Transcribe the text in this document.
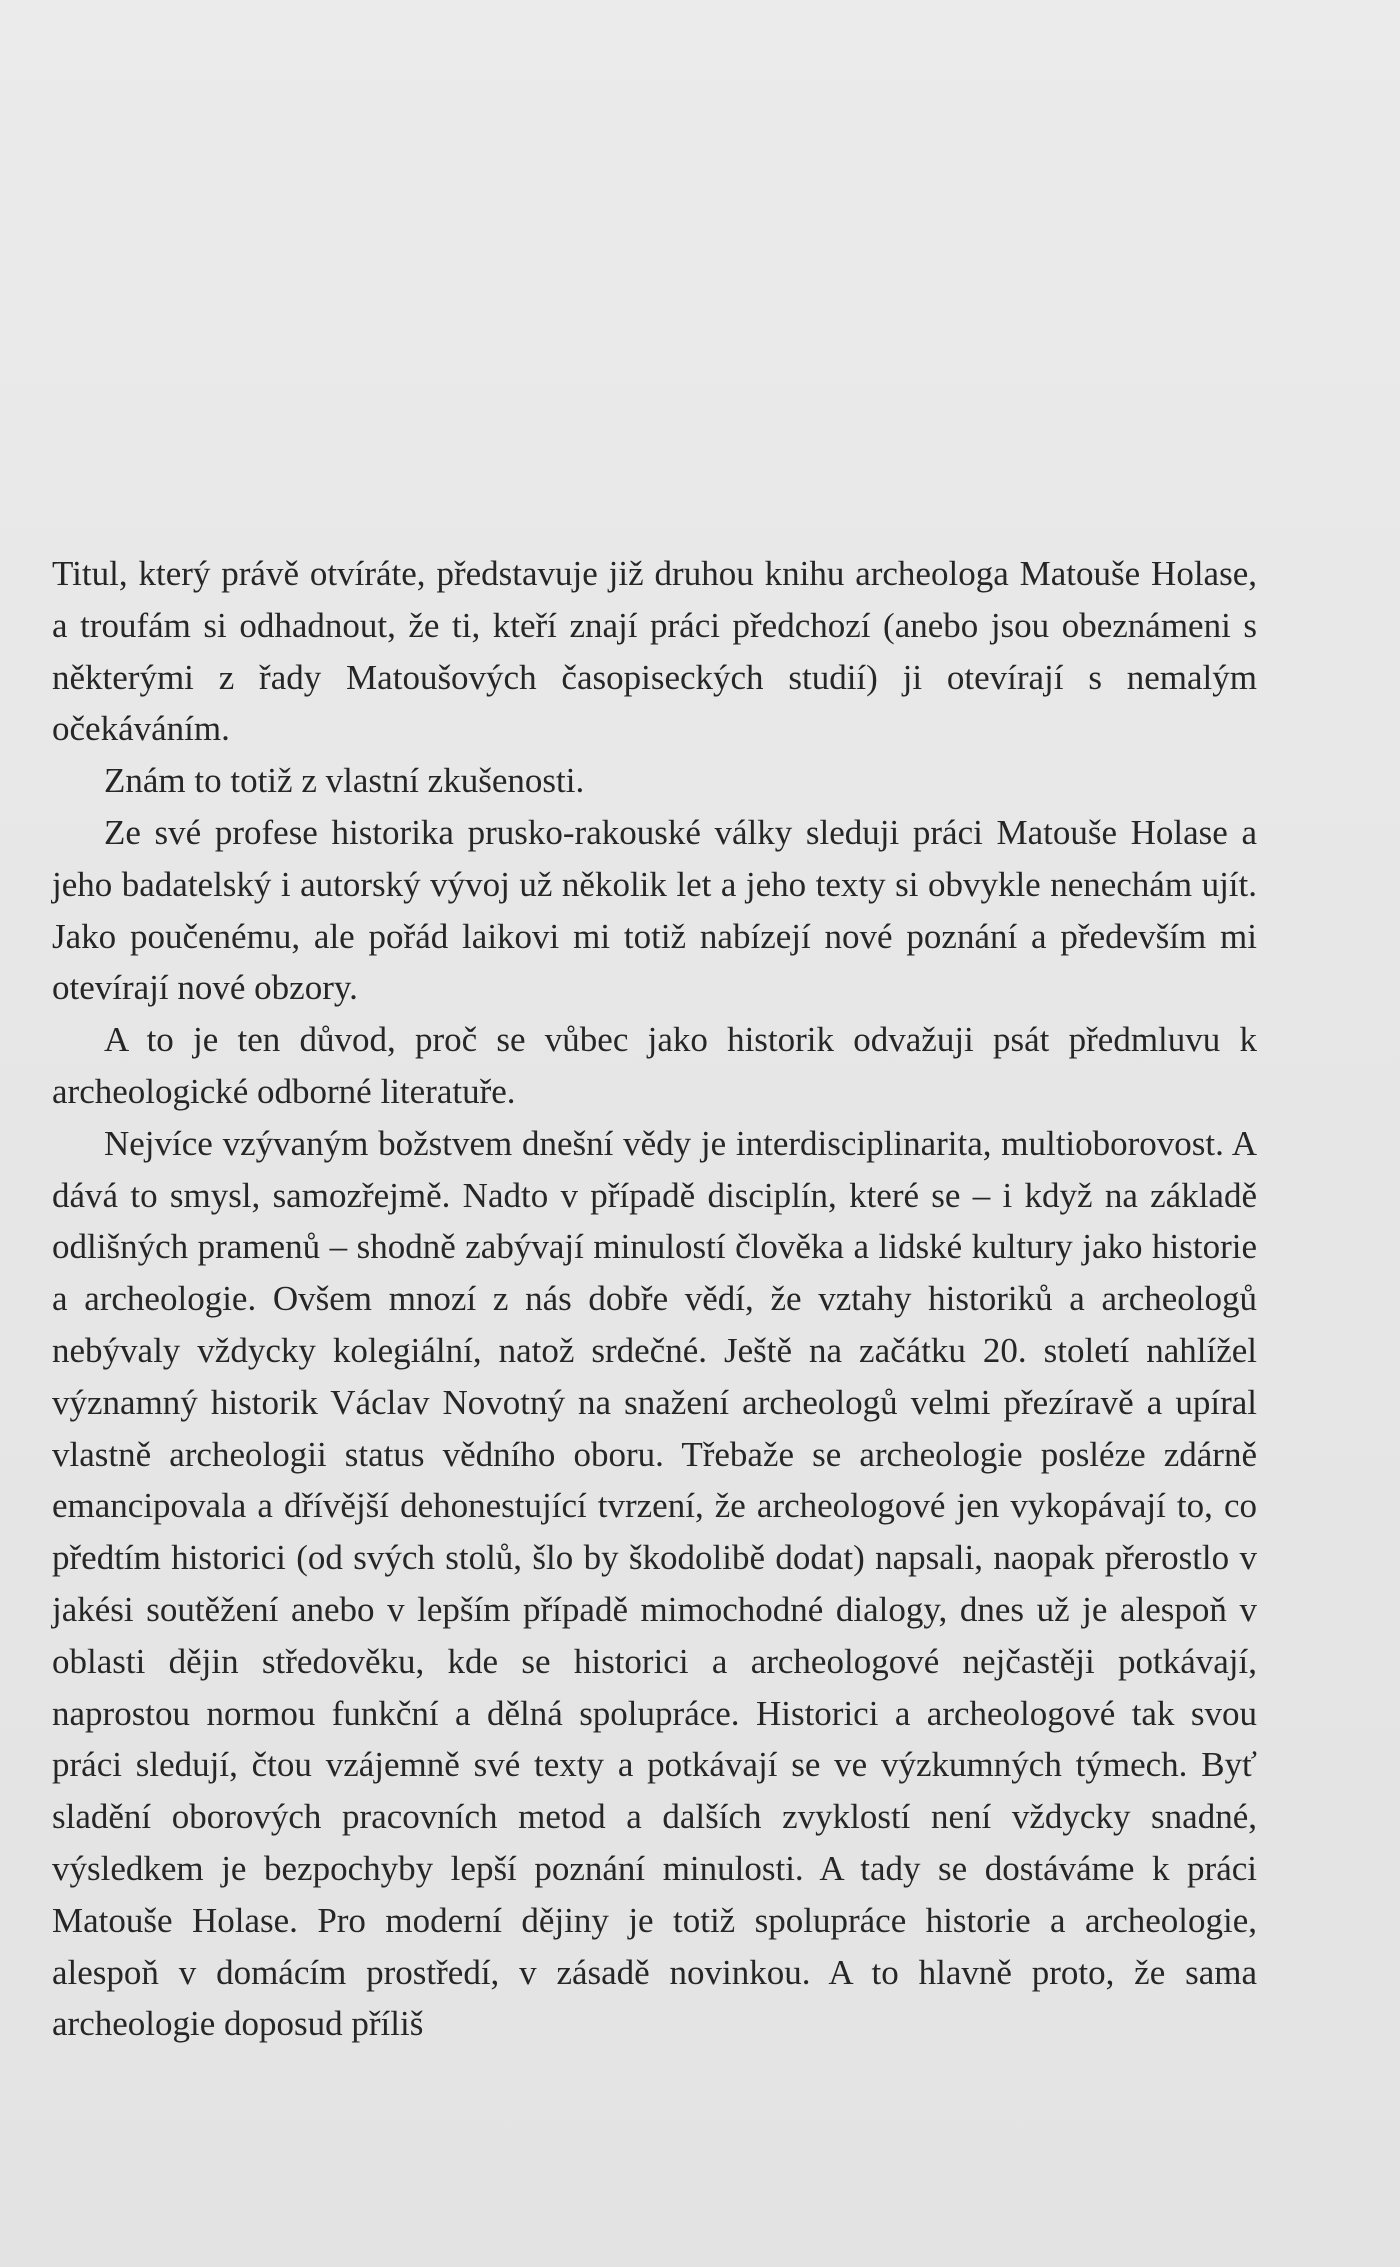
Titul, který právě otvíráte, představuje již druhou knihu archeologa Matouše Holase, a troufám si odhadnout, že ti, kteří znají práci předchozí (anebo jsou obeznámeni s některými z řady Matoušových časopiseckých studií) ji otevírají s nemalým očekáváním.

Znám to totiž z vlastní zkušenosti.

Ze své profese historika prusko-rakouské války sleduji práci Matouše Holase a jeho badatelský i autorský vývoj už několik let a jeho texty si obvykle nenechám ujít. Jako poučenému, ale pořád laikovi mi totiž nabízejí nové poznání a především mi otevírají nové obzory.

A to je ten důvod, proč se vůbec jako historik odvažuji psát předmluvu k archeologické odborné literatuře.

Nejvíce vzývaným božstvem dnešní vědy je interdisciplinarita, multioborovost. A dává to smysl, samozřejmě. Nadto v případě disciplín, které se – i když na základě odlišných pramenů – shodně zabývají minulostí člověka a lidské kultury jako historie a archeologie. Ovšem mnozí z nás dobře vědí, že vztahy historiků a archeologů nebývaly vždycky kolegiální, natož srdečné. Ještě na začátku 20. století nahlížel významný historik Václav Novotný na snažení archeologů velmi přezíravě a upíral vlastně archeologii status vědního oboru. Třebaže se archeologie posléze zdárně emancipovala a dřívější dehonestující tvrzení, že archeologové jen vykopávají to, co předtím historici (od svých stolů, šlo by škodolibě dodat) napsali, naopak přerostlo v jakési soutěžení anebo v lepším případě mimochodné dialogy, dnes už je alespoň v oblasti dějin středověku, kde se historici a archeologové nejčastěji potkávají, naprostou normou funkční a dělná spolupráce. Historici a archeologové tak svou práci sledují, čtou vzájemně své texty a potkávají se ve výzkumných týmech. Byť sladění oborových pracovních metod a dalších zvyklostí není vždycky snadné, výsledkem je bezpochyby lepší poznání minulosti. A tady se dostáváme k práci Matouše Holase. Pro moderní dějiny je totiž spolupráce historie a archeologie, alespoň v domácím prostředí, v zásadě novinkou. A to hlavně proto, že sama archeologie doposud příliš
